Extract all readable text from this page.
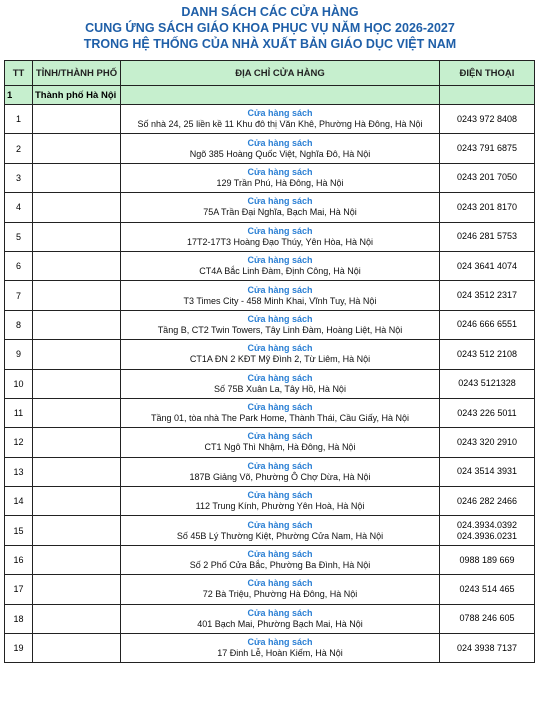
DANH SÁCH CÁC CỬA HÀNG
CUNG ỨNG SÁCH GIÁO KHOA PHỤC VỤ NĂM HỌC 2026-2027
TRONG HỆ THỐNG CỦA NHÀ XUẤT BẢN GIÁO DỤC VIỆT NAM
TT	TỈNH/THÀNH PHỐ	ĐỊA CHỈ CỬA HÀNG	ĐIỆN THOẠI
1	Thành phố Hà Nội		
1		Cửa hàng sách
Số nhà 24, 25 liền kề 11 Khu đô thị Văn Khê, Phường Hà Đông, Hà Nội	0243 972 8408
2		Cửa hàng sách
Ngõ 385 Hoàng Quốc Việt, Nghĩa Đô, Hà Nội	0243 791 6875
3		Cửa hàng sách
129 Trần Phú, Hà Đông, Hà Nội	0243 201 7050
4		Cửa hàng sách
75A Trần Đại Nghĩa, Bạch Mai, Hà Nội	0243 201 8170
5		Cửa hàng sách
17T2-17T3 Hoàng Đạo Thúy, Yên Hòa, Hà Nội	0246 281 5753
6		Cửa hàng sách
CT4A Bắc Linh Đàm, Định Công, Hà Nội	024 3641 4074
7		Cửa hàng sách
T3 Times City - 458 Minh Khai, Vĩnh Tuy, Hà Nội	024 3512 2317
8		Cửa hàng sách
Tầng B, CT2 Twin Towers, Tây Linh Đàm, Hoàng Liệt, Hà Nội	0246 666 6551
9		Cửa hàng sách
CT1A ĐN 2 KĐT Mỹ Đình 2, Từ Liêm, Hà Nội	0243 512 2108
10		Cửa hàng sách
Số 75B Xuân La, Tây Hồ, Hà Nội	0243 5121328
11		Cửa hàng sách
Tầng 01, tòa nhà The Park Home, Thành Thái, Cầu Giấy, Hà Nội	0243 226 5011
12		Cửa hàng sách
CT1 Ngô Thì Nhậm, Hà Đông, Hà Nội	0243 320 2910
13		Cửa hàng sách
187B Giảng Võ, Phường Ô Chợ Dừa, Hà Nội	024 3514 3931
14		Cửa hàng sách
112 Trung Kính, Phường Yên Hoà, Hà Nội	0246 282 2466
15		Cửa hàng sách
Số 45B Lý Thường Kiệt, Phường Cửa Nam, Hà Nội	024.3934.0392
024.3936.0231
16		Cửa hàng sách
Số 2 Phố Cửa Bắc, Phường Ba Đình, Hà Nội	0988 189 669
17		Cửa hàng sách
72 Bà Triệu, Phường Hà Đông, Hà Nội	0243 514 465
18		Cửa hàng sách
401 Bạch Mai, Phường Bạch Mai, Hà Nội	0788 246 605
19		Cửa hàng sách
17 Đinh Lễ, Hoàn Kiếm, Hà Nội	024 3938 7137
